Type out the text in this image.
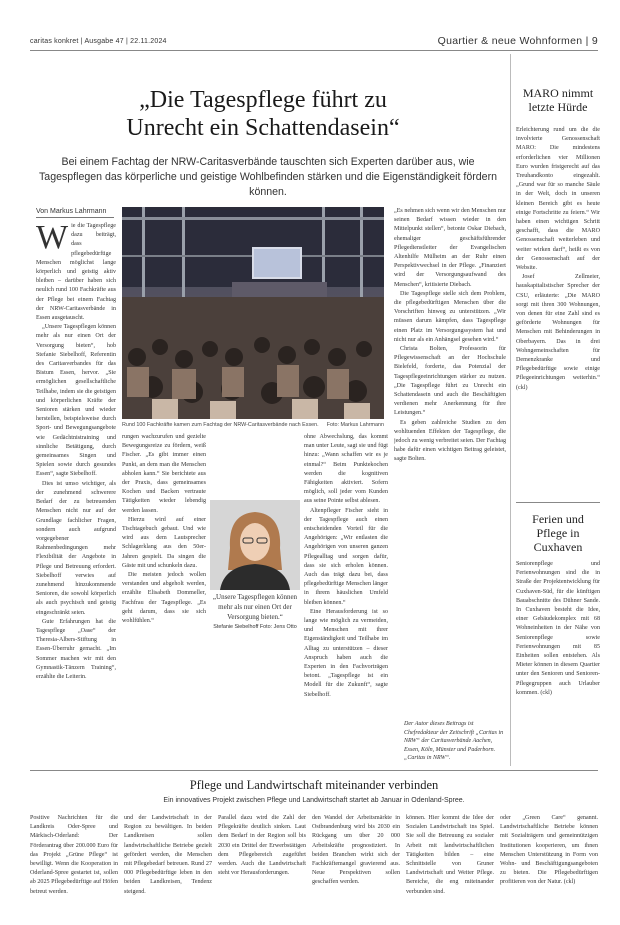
caritas konkret | Ausgabe 47 | 22.11.2024	Quartier & neue Wohnformen | 9
„Die Tagespflege führt zu Unrecht ein Schattendasein“
Bei einem Fachtag der NRW-Caritasverbände tauschten sich Experten darüber aus, wie Tagespflegen das körperliche und geistige Wohlbefinden stärken und die Eigenständigkeit fördern können.
Von Markus Lahrmann
W ie die Tagespflege dazu beiträgt, dass pflegebedürftige Menschen möglichst lange körperlich und geistig aktiv bleiben – darüber haben sich neulich rund 100 Fachkräfte aus der Pflege bei einem Fachtag der NRW-Caritasverbände in Essen ausgetauscht.

„Unsere Tagespflegen können mehr als nur einen Ort der Versorgung bieten“, hob Stefanie Siebelhoff, Referentin des Caritasverbandes für das Bistum Essen, hervor. „Sie ermöglichen gesellschaftliche Teilhabe, indem sie die geistigen und körperlichen Kräfte der Senioren stärken und wieder herstellen, beispielsweise durch Sport- und Bewegungsangebote wie Gedächtnistraining und sinnliche Betätigung, durch gemeinsames Singen und Spielen sowie durch gesundes Essen“, sagte Siebelhoff.

Dies ist umso wichtiger, als der zunehmend schwerere Bedarf der zu betreuenden Menschen nicht nur auf der Grundlage fachlicher Fragen, sondern auch aufgrund vorgegebener Rahmenbedingungen mehr Flexibilität der Angebote in Pflege und Betreuung erfordert. Siebelhoff verwies auf zunehmend hinzukommende Senioren, die sowohl körperlich als auch psychisch und geistig eingeschränkt seien.

Gute Erfahrungen hat die Tagespflege „Oase“ der Theresia-Albers-Stiftung in Essen-Überruhr gemacht. „Im Sommer machen wir mit den Gymnastik-Tänzern Training“, erzählte die Leiterin.

Rund 100 Fachkräfte kamen zum Fachtag der NRW-Caritasverbände nach Essen. Foto: Markus Lahrmann

rungen wachzurufen und gezielte Bewegungsreize zu fördern, weiß Fischer. „Es gibt immer einen Punkt, an dem man die Menschen abholen kann.“ Sie berichtete aus der Praxis, dass gemeinsames Kochen und Backen vertraute Tätigkeiten wieder lebendig werden lassen.

Hierzu wird auf einer Tischtagebuch gebaut. Und wie wird aus dem Lautsprecher Schlagerklang aus den 50er-Jahren gespielt. Da singen die Gäste mit und schunkeln dazu.

Die meisten jedoch wollen verstanden und abgeholt werden, erzählte Elisabeth Dommeller, Fachfrau der Tagespflege. „Es geht darum, dass sie sich wohlfühlen.“

„Unsere Tagespflegen können mehr als nur einen Ort der Versorgung bieten.“
Stefanie Siebelhoff Foto: Jens Otto

ohne Abwechslung, das kommt man unter Leute, sagt sie und fügt hinzu: „Wann schaffen wir es je einmal?“ Beim Punktekochen werden die kognitiven Fähigkeiten aktiviert. Sofern möglich, soll jeder vom Kunden aus seine Pointe selbst ablesen.

Altenpfleger Fischer sieht in der Tagespflege auch einen entscheidenden Vorteil für die Angehörigen: „Wir entlasten die Angehörigen von unseren ganzen Pflegealltag und sorgen dafür, dass sie sich erholen können. Auch das trägt dazu bei, dass pflegebedürftige Menschen länger in ihrem häuslichen Umfeld bleiben können.“

Eine Herausforderung ist so lange wie möglich zu vermeiden, und Menschen mit ihrer Eigenständigkeit und Teilhabe im Alltag zu unterstützen – dieser Anspruch haben auch die Experten in den Fachvorträgen betont. „Tagespflege ist ein Modell für die Zukunft“, sagte Siebelhoff.

„Es nehmen sich wenn wir den Menschen nur seinen Bedarf wissen wieder in den Mittelpunkt stellen“, betonte Oskar Diebach, ehemaliger geschäftsführender Pflegedienstleiter der Evangelischen Altenhilfe Mülheim an der Ruhr einen Perspektivwechsel in der Pflege. „Finanziert wird der Versorgungsaufwand des Menschen“, kritisierte Diebach.

Die Tagespflege stelle sich dem Problem, die pflegebedürftigen Menschen über die Vorschriften hinweg zu unterstützen. „Wir müssen darum kämpfen, dass Tagespflege einen Platz im Versorgungssystem hat und nicht nur als ein Anhängsel gesehen wird.“

Christa Bolten, Professorin für Pflegewissenschaft an der Hochschule Bielefeld, forderte, das Potenzial der Tagespflegeeinrichtungen stärker zu nutzen. „Die Tagespflege führt zu Unrecht ein Schattendasein und auch die Beschäftigten verdienen mehr Anerkennung für ihre Leistungen.“

Es geben zahlreiche Studien zu den wohltuenden Effekten der Tagespflege, die jedoch zu wenig verbreitet seien. Der Fachtag habe dafür einen wichtigen Beitrag geleistet, sagte Bolten.

Der Autor dieses Beitrags ist Chefredakteur der Zeitschrift „Caritas in NRW“ der Caritasverbände Aachen, Essen, Köln, Münster und Paderborn. „Caritas in NRW“.
MARO nimmt letzte Hürde

Erleichterung rund um die die involvierte Genossenschaft MARO: Die mindestens erforderlichen vier Millionen Euro wurden fristgerecht auf das Treuhandkonto eingezahlt. „Grund war für so manche Säule in der Welt, doch in unseren kleinen Bereich gibt es heute einige Fortschritte zu feiern.“ Wir haben einen wichtigen Schritt geschafft, dass die MARO Genossenschaft weiterleben und weiter wirken darf“, heißt es von der Genossenschaft auf der Website.

Josef Zellmeier, hauskapitalistischer Sprecher der CSU, erläuterte: „Die MARO sorgt mit ihren 300 Wohnungen, von denen für eine Zahl sind es geförderte Wohnungen für Menschen mit Behinderungen in Oberbayern. Das in drei Wohngemeinschaften für Demenzkranke und Pflegebedürftige sowie einige Pflegeeinrichtungen weiterhin.“ (ckl)

Ferien und Pflege in Cuxhaven

Seniorenpflege und Ferienwohnungen sind die in Straße der Projektentwicklung für Cuxhaven-Süd, für die künftigen Bauabschnitte des Dühner Sande. In Cuxhaven besteht die Idee, einer Gebäudekomplex mit 68 Wohneinheiten in der Nähe von Seniorenpflege sowie Ferienwohnungen mit 85 Einheiten sollen entstehen. Als Mieter können in diesem Quartier unter den Senioren und Senioren-Pflegegruppen auch Urlauber kommen. (ckl)

Pflege und Landwirtschaft miteinander verbinden
Ein innovatives Projekt zwischen Pflege und Landwirtschaft startet ab Januar in Odenland-Spree.
Positive Nachrichten für die Landkreis Oder-Spree und Märkisch-Oderland: Der Förderantrag über 200.000 Euro für das Projekt „Grüne Pflege“ ist bewilligt. Wenn die Kooperation in Oderland-Spree gestartet ist, sollen ab 2025 Pflegebedürftige auf Höfen betreut werden.
und der Landwirtschaft in der Region zu bewältigen. In beiden Landkreisen sollen landwirtschaftliche Betriebe gezielt gefördert werden, die Menschen mit Pflegebedarf betreuen. Rund 27 000 Pflegebedürftige leben in den beiden Landkreisen, Tendenz steigend.
Parallel dazu wird die Zahl der Pflegekräfte deutlich sinken. Laut dem Bedarf in der Region soll bis 2030 ein Drittel der Erwerbstätigen dem Pflegebereich zugeführt werden. Auch die Landwirtschaft steht vor Herausforderungen.
den Wandel der Arbeitsmärkte in Ostbrandenburg wird bis 2030 ein Rückgang um über 20 000 Arbeitskräfte prognostiziert. In beiden Branchen wirkt sich der Fachkräftemangel gravierend aus. Neue Perspektiven sollen geschaffen werden.
können. Hier kommt die Idee der Sozialen Landwirtschaft ins Spiel. Sie soll die Betreuung zu sozialer Arbeit mit landwirtschaftlichen Tätigkeiten bilden – eine Schnittstelle von Gruner Landwirtschaft und Weiter Pflege. Bereiche, die eng miteinander verbunden sind.
oder „Green Care“ genannt. Landwirtschaftliche Betriebe können mit Sozialträgern und gemeinnützigen Institutionen kooperieren, um ihnen Menschen Unterstützung in Form von Wohn- und Beschäftigungsangeboten zu bieten. Die Pflegebedürftigen profitieren von der Natur. (ckl)
